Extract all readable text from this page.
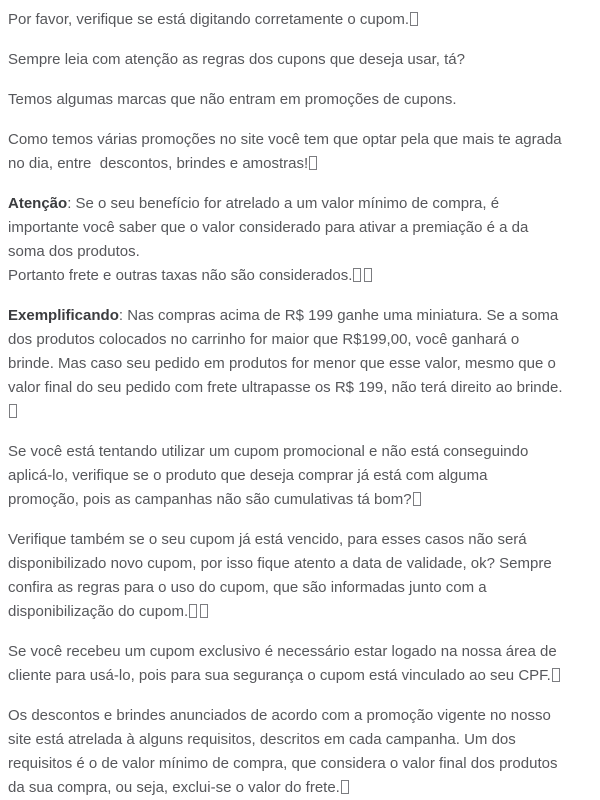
Por favor, verifique se está digitando corretamente o cupom.
Sempre leia com atenção as regras dos cupons que deseja usar, tá?
Temos algumas marcas que não entram em promoções de cupons.
Como temos várias promoções no site você tem que optar pela que mais te agrada
no dia, entre  descontos, brindes e amostras!
Atenção: Se o seu benefício for atrelado a um valor mínimo de compra, é
importante você saber que o valor considerado para ativar a premiação é a da
soma dos produtos.
Portanto frete e outras taxas não são considerados.
Exemplificando: Nas compras acima de R$ 199 ganhe uma miniatura. Se a soma
dos produtos colocados no carrinho for maior que R$199,00, você ganhará o
brinde. Mas caso seu pedido em produtos for menor que esse valor, mesmo que o
valor final do seu pedido com frete ultrapasse os R$ 199, não terá direito ao brinde.
Se você está tentando utilizar um cupom promocional e não está conseguindo
aplicá-lo, verifique se o produto que deseja comprar já está com alguma
promoção, pois as campanhas não são cumulativas tá bom?
Verifique também se o seu cupom já está vencido, para esses casos não será
disponibilizado novo cupom, por isso fique atento a data de validade, ok? Sempre
confira as regras para o uso do cupom, que são informadas junto com a
disponibilização do cupom.
Se você recebeu um cupom exclusivo é necessário estar logado na nossa área de
cliente para usá-lo, pois para sua segurança o cupom está vinculado ao seu CPF.
Os descontos e brindes anunciados de acordo com a promoção vigente no nosso
site está atrelada à alguns requisitos, descritos em cada campanha. Um dos
requisitos é o de valor mínimo de compra, que considera o valor final dos produtos
da sua compra, ou seja, exclui-se o valor do frete.
